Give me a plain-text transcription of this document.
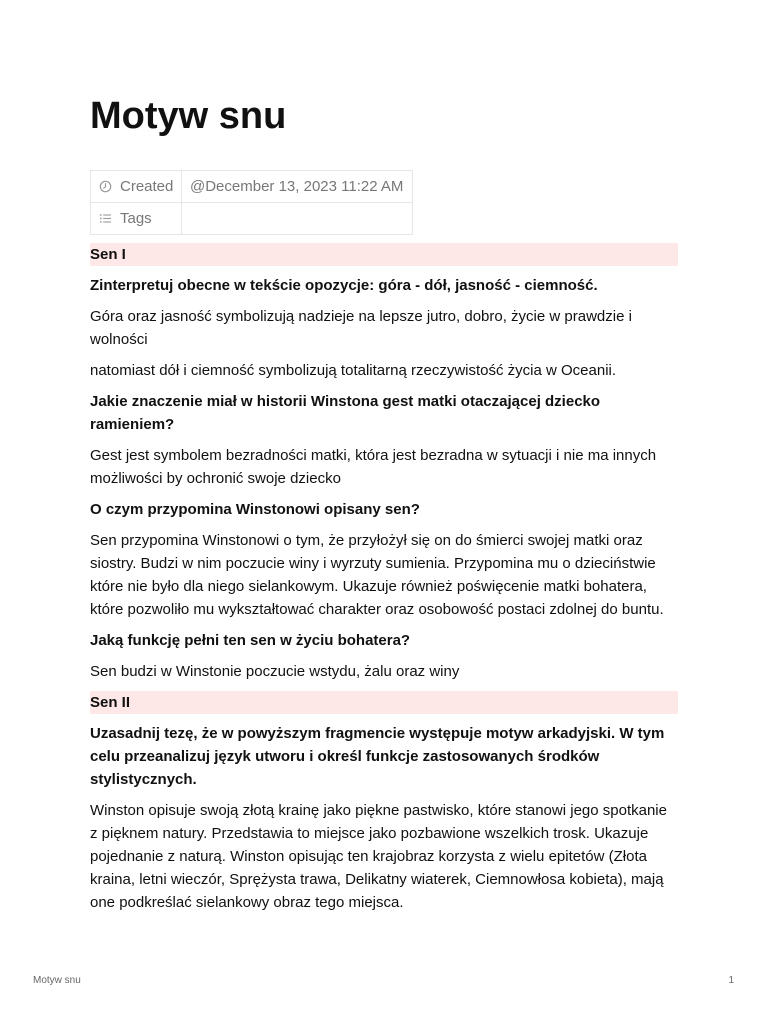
Motyw snu
Created	@December 13, 2023 11:22 AM

Tags	

Sen I
Zinterpretuj obecne w tekście opozycje: góra - dół, jasność - ciemność.
Góra oraz jasność symbolizują nadzieje na lepsze jutro, dobro, życie w prawdzie i wolności
natomiast dół i ciemność symbolizują totalitarną rzeczywistość życia w Oceanii.
Jakie znaczenie miał w historii Winstona gest matki otaczającej dziecko ramieniem?
Gest jest symbolem bezradności matki, która jest bezradna w sytuacji i nie ma innych możliwości by ochronić swoje dziecko
O czym przypomina Winstonowi opisany sen?
Sen przypomina Winstonowi o tym, że przyłożył się on do śmierci swojej matki oraz siostry. Budzi w nim poczucie winy i wyrzuty sumienia. Przypomina mu o dzieciństwie które nie było dla niego sielankowym. Ukazuje również poświęcenie matki bohatera, które pozwoliło mu wykształtować charakter oraz osobowość postaci zdolnej do buntu.
Jaką funkcję pełni ten sen w życiu bohatera?
Sen budzi w Winstonie poczucie wstydu, żalu oraz winy
Sen II
Uzasadnij tezę, że w powyższym fragmencie występuje motyw arkadyjski. W tym celu przeanalizuj język utworu i określ funkcje zastosowanych środków stylistycznych.
Winston opisuje swoją złotą krainę jako piękne pastwisko, które stanowi jego spotkanie z pięknem natury. Przedstawia to miejsce jako pozbawione wszelkich trosk. Ukazuje pojednanie z naturą. Winston opisując ten krajobraz korzysta z wielu epitetów (Złota kraina, letni wieczór, Sprężysta trawa, Delikatny wiaterek, Ciemnowłosa kobieta), mają one podkreślać sielankowy obraz tego miejsca.
Motyw snu	1
